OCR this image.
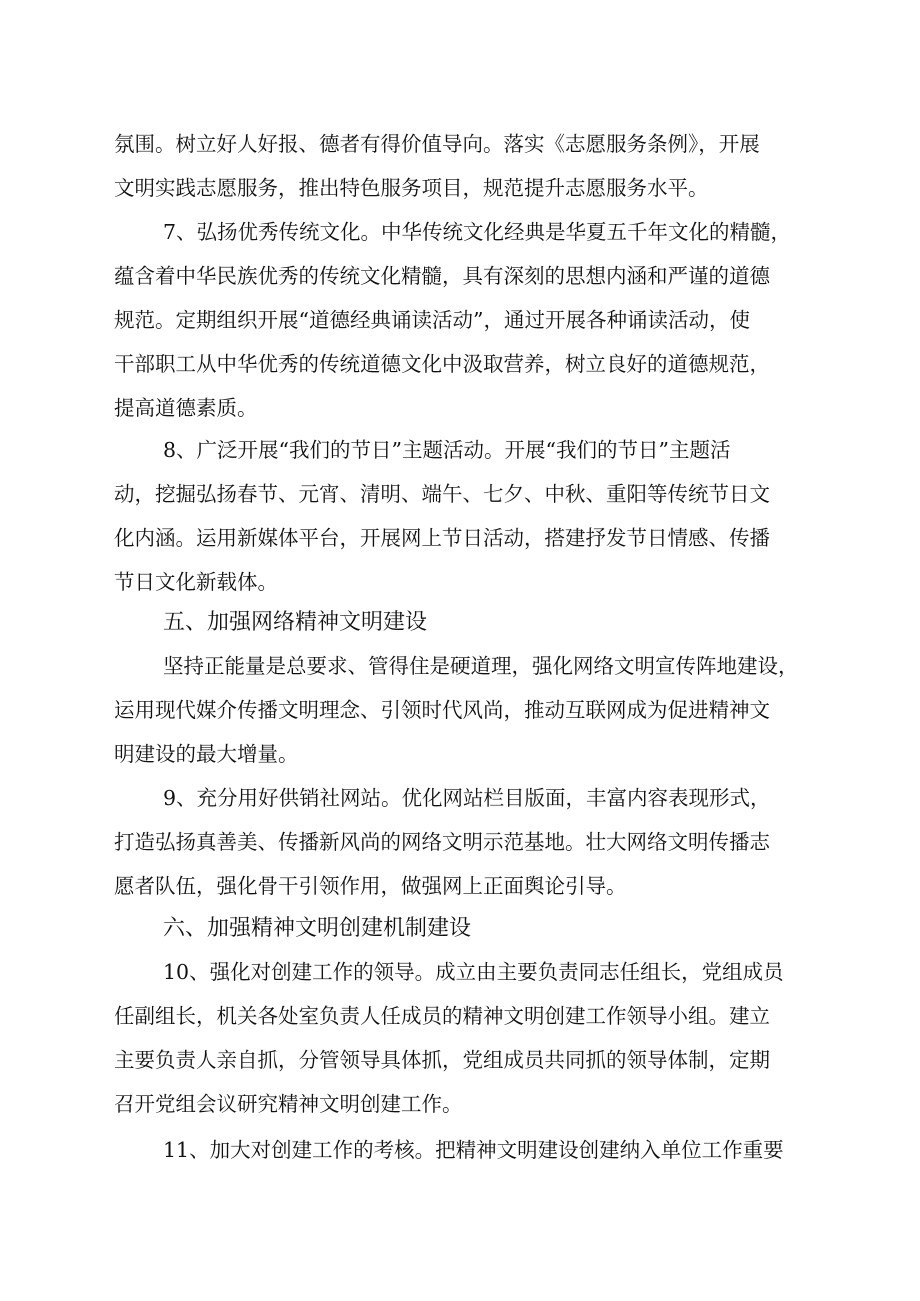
氛围。树立好人好报、德者有得价值导向。落实《志愿服务条例》，开展
文明实践志愿服务，推出特色服务项目，规范提升志愿服务水平。
7、弘扬优秀传统文化。中华传统文化经典是华夏五千年文化的精髓，
蕴含着中华民族优秀的传统文化精髓，具有深刻的思想内涵和严谨的道德
规范。定期组织开展“道德经典诵读活动”，通过开展各种诵读活动，使
干部职工从中华优秀的传统道德文化中汲取营养，树立良好的道德规范，
提高道德素质。
8、广泛开展“我们的节日”主题活动。开展“我们的节日”主题活
动，挖掘弘扬春节、元宵、清明、端午、七夕、中秋、重阳等传统节日文
化内涵。运用新媒体平台，开展网上节日活动，搭建抒发节日情感、传播
节日文化新载体。
五、加强网络精神文明建设
坚持正能量是总要求、管得住是硬道理，强化网络文明宣传阵地建设，
运用现代媒介传播文明理念、引领时代风尚，推动互联网成为促进精神文
明建设的最大增量。
9、充分用好供销社网站。优化网站栏目版面，丰富内容表现形式，
打造弘扬真善美、传播新风尚的网络文明示范基地。壮大网络文明传播志
愿者队伍，强化骨干引领作用，做强网上正面舆论引导。
六、加强精神文明创建机制建设
10、强化对创建工作的领导。成立由主要负责同志任组长，党组成员
任副组长，机关各处室负责人任成员的精神文明创建工作领导小组。建立
主要负责人亲自抓，分管领导具体抓，党组成员共同抓的领导体制，定期
召开党组会议研究精神文明创建工作。
11、加大对创建工作的考核。把精神文明建设创建纳入单位工作重要
